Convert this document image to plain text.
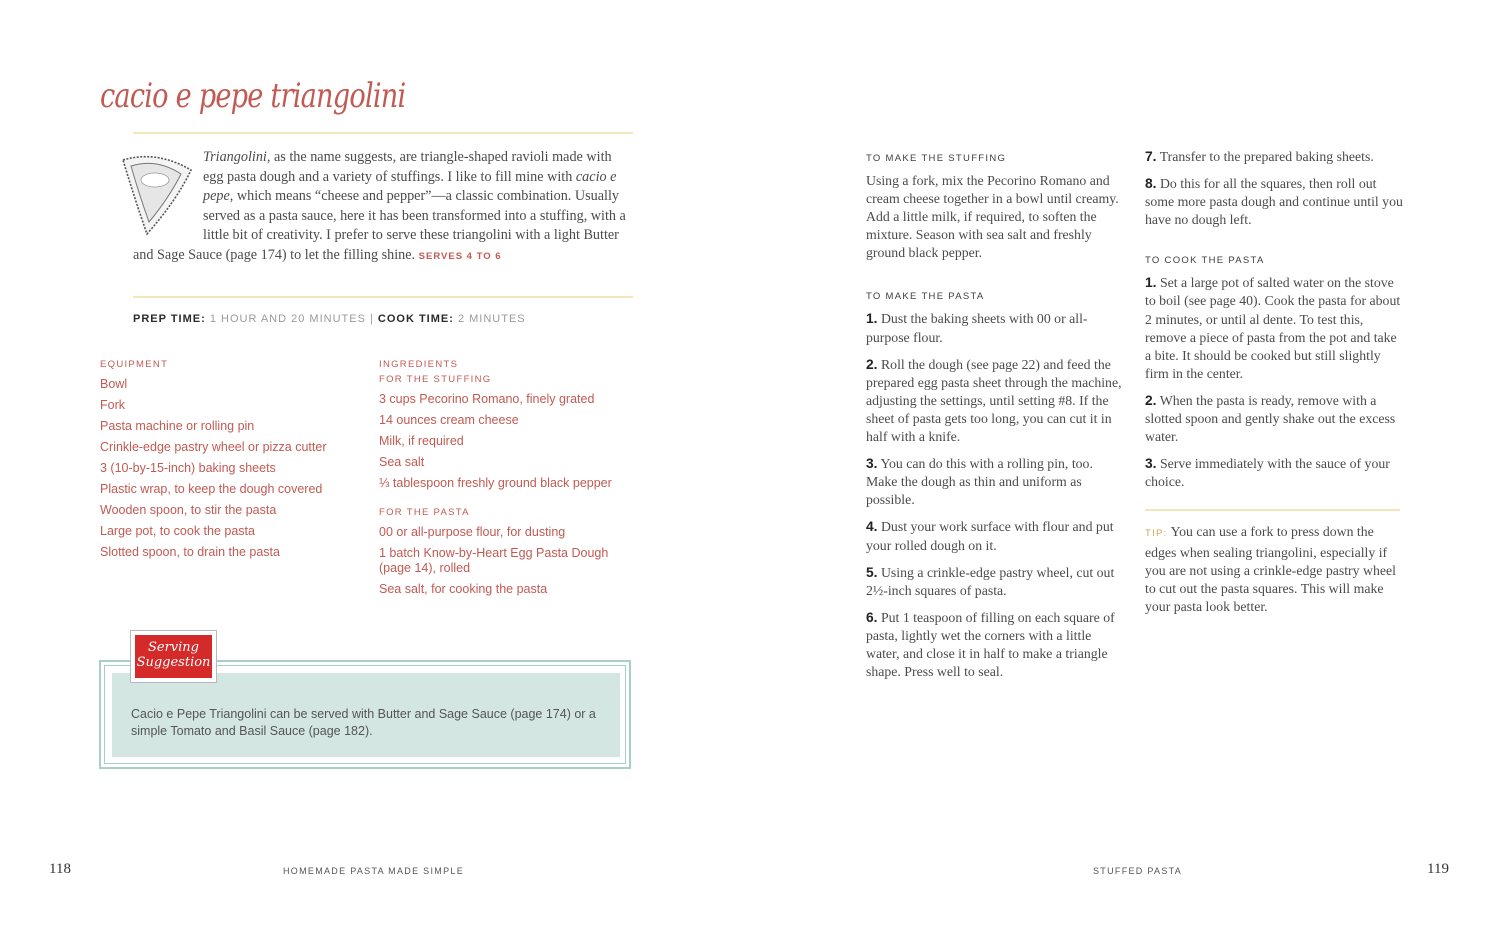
cacio e pepe triangolini
Triangolini, as the name suggests, are triangle-shaped ravioli made with egg pasta dough and a variety of stuffings. I like to fill mine with cacio e pepe, which means “cheese and pepper”—a classic combination. Usually served as a pasta sauce, here it has been transformed into a stuffing, with a little bit of creativity. I prefer to serve these triangolini with a light Butter and Sage Sauce (page 174) to let the filling shine. SERVES 4 TO 6
PREP TIME: 1 HOUR AND 20 MINUTES | COOK TIME: 2 MINUTES
EQUIPMENT
Bowl
Fork
Pasta machine or rolling pin
Crinkle-edge pastry wheel or pizza cutter
3 (10-by-15-inch) baking sheets
Plastic wrap, to keep the dough covered
Wooden spoon, to stir the pasta
Large pot, to cook the pasta
Slotted spoon, to drain the pasta
INGREDIENTS
FOR THE STUFFING
3 cups Pecorino Romano, finely grated
14 ounces cream cheese
Milk, if required
Sea salt
⅓ tablespoon freshly ground black pepper
FOR THE PASTA
00 or all-purpose flour, for dusting
1 batch Know-by-Heart Egg Pasta Dough (page 14), rolled
Sea salt, for cooking the pasta
Cacio e Pepe Triangolini can be served with Butter and Sage Sauce (page 174) or a simple Tomato and Basil Sauce (page 182).
Serving
Suggestion
118	HOMEMADE PASTA MADE SIMPLE
TO MAKE THE STUFFING
Using a fork, mix the Pecorino Romano and cream cheese together in a bowl until creamy. Add a little milk, if required, to soften the mixture. Season with sea salt and freshly ground black pepper.
TO MAKE THE PASTA

1. Dust the baking sheets with 00 or all-purpose flour.

2. Roll the dough (see page 22) and feed the prepared egg pasta sheet through the machine, adjusting the settings, until setting #8. If the sheet of pasta gets too long, you can cut it in half with a knife.

3. You can do this with a rolling pin, too. Make the dough as thin and uniform as possible.

4. Dust your work surface with flour and put your rolled dough on it.

5. Using a crinkle-edge pastry wheel, cut out 2½-inch squares of pasta.

6. Put 1 teaspoon of filling on each square of pasta, lightly wet the corners with a little water, and close it in half to make a triangle shape. Press well to seal.

7. Transfer to the prepared baking sheets.

8. Do this for all the squares, then roll out some more pasta dough and continue until you have no dough left.

TO COOK THE PASTA

1. Set a large pot of salted water on the stove to boil (see page 40). Cook the pasta for about 2 minutes, or until al dente. To test this, remove a piece of pasta from the pot and take a bite. It should be cooked but still slightly firm in the center.

2. When the pasta is ready, remove with a slotted spoon and gently shake out the excess water.

3. Serve immediately with the sauce of your choice.

TIP: You can use a fork to press down the edges when sealing triangolini, especially if you are not using a crinkle-edge pastry wheel to cut out the pasta squares. This will make your pasta look better.
STUFFED PASTA	119
